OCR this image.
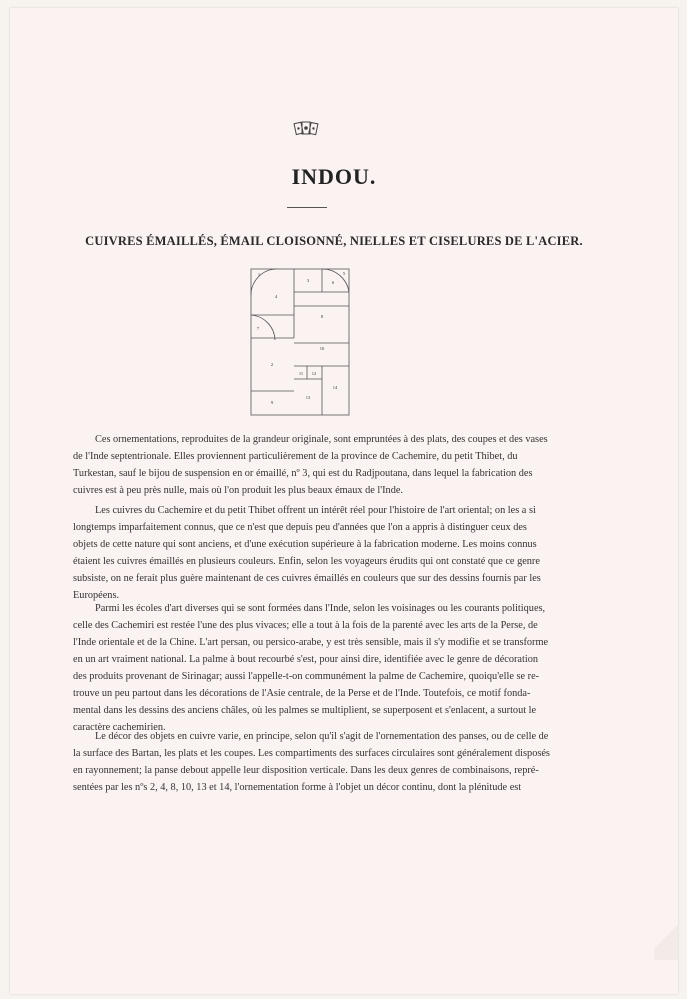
INDOU.
CUIVRES ÉMAILLÉS, ÉMAIL CLOISONNÉ, NIELLES ET CISELURES DE L'ACIER.
1
2
3
4
5
6
7
8
9
10
11 12
13
14
Ces ornementations, reproduites de la grandeur originale, sont empruntées à des plats, des coupes et des vases
de l'Inde septentrionale. Elles proviennent particulièrement de la province de Cachemire, du petit Thibet, du
Turkestan, sauf le bijou de suspension en or émaillé, nº 3, qui est du Radjpoutana, dans lequel la fabrication des
cuivres est à peu près nulle, mais où l'on produit les plus beaux émaux de l'Inde.
Les cuivres du Cachemire et du petit Thibet offrent un intérêt réel pour l'histoire de l'art oriental; on les a si
longtemps imparfaitement connus, que ce n'est que depuis peu d'années que l'on a appris à distinguer ceux des
objets de cette nature qui sont anciens, et d'une exécution supérieure à la fabrication moderne. Les moins connus
étaient les cuivres émaillés en plusieurs couleurs. Enfin, selon les voyageurs érudits qui ont constaté que ce genre
subsiste, on ne ferait plus guère maintenant de ces cuivres émaillés en couleurs que sur des dessins fournis par les
Européens.
Parmi les écoles d'art diverses qui se sont formées dans l'Inde, selon les voisinages ou les courants politiques,
celle des Cachemiri est restée l'une des plus vivaces; elle a tout à la fois de la parenté avec les arts de la Perse, de
l'Inde orientale et de la Chine. L'art persan, ou persico-arabe, y est très sensible, mais il s'y modifie et se transforme
en un art vraiment national. La palme à bout recourbé s'est, pour ainsi dire, identifiée avec le genre de décoration
des produits provenant de Sirinagar; aussi l'appelle-t-on communément la palme de Cachemire, quoiqu'elle se re-
trouve un peu partout dans les décorations de l'Asie centrale, de la Perse et de l'Inde. Toutefois, ce motif fonda-
mental dans les dessins des anciens châles, où les palmes se multiplient, se superposent et s'enlacent, a surtout le
caractère cachemirien.
Le décor des objets en cuivre varie, en principe, selon qu'il s'agit de l'ornementation des panses, ou de celle de
la surface des Bartan, les plats et les coupes. Les compartiments des surfaces circulaires sont généralement disposés
en rayonnement; la panse debout appelle leur disposition verticale. Dans les deux genres de combinaisons, repré-
sentées par les nºs 2, 4, 8, 10, 13 et 14, l'ornementation forme à l'objet un décor continu, dont la plénitude est
